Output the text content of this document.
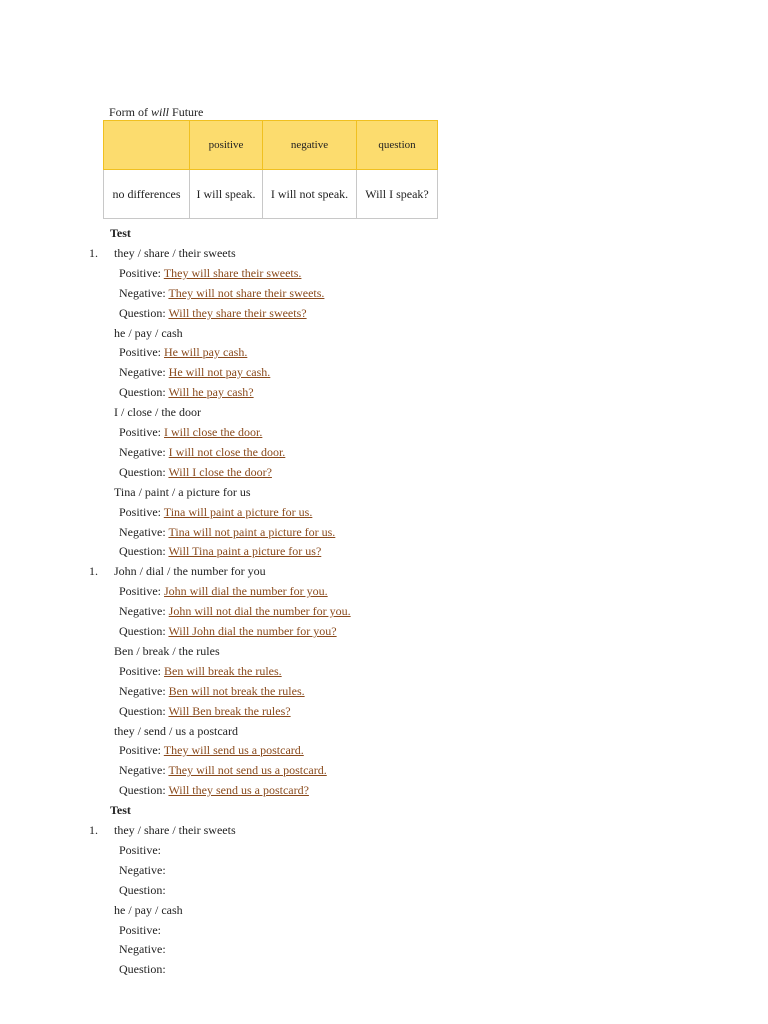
Form of will Future
	positive	negative	question
no differences	I will speak.	I will not speak.	Will I speak?
Test
1. they / share / their sweets
Positive: They will share their sweets.
Negative: They will not share their sweets.
Question: Will they share their sweets?
he / pay / cash
Positive: He will pay cash.
Negative: He will not pay cash.
Question: Will he pay cash?
I / close / the door
Positive: I will close the door.
Negative: I will not close the door.
Question: Will I close the door?
Tina / paint / a picture for us
Positive: Tina will paint a picture for us.
Negative: Tina will not paint a picture for us.
Question: Will Tina paint a picture for us?
1. John / dial / the number for you
Positive: John will dial the number for you.
Negative: John will not dial the number for you.
Question: Will John dial the number for you?
Ben / break / the rules
Positive: Ben will break the rules.
Negative: Ben will not break the rules.
Question: Will Ben break the rules?
they / send / us a postcard
Positive: They will send us a postcard.
Negative: They will not send us a postcard.
Question: Will they send us a postcard?
Test
1. they / share / their sweets
Positive:
Negative:
Question:
he / pay / cash
Positive:
Negative:
Question:
